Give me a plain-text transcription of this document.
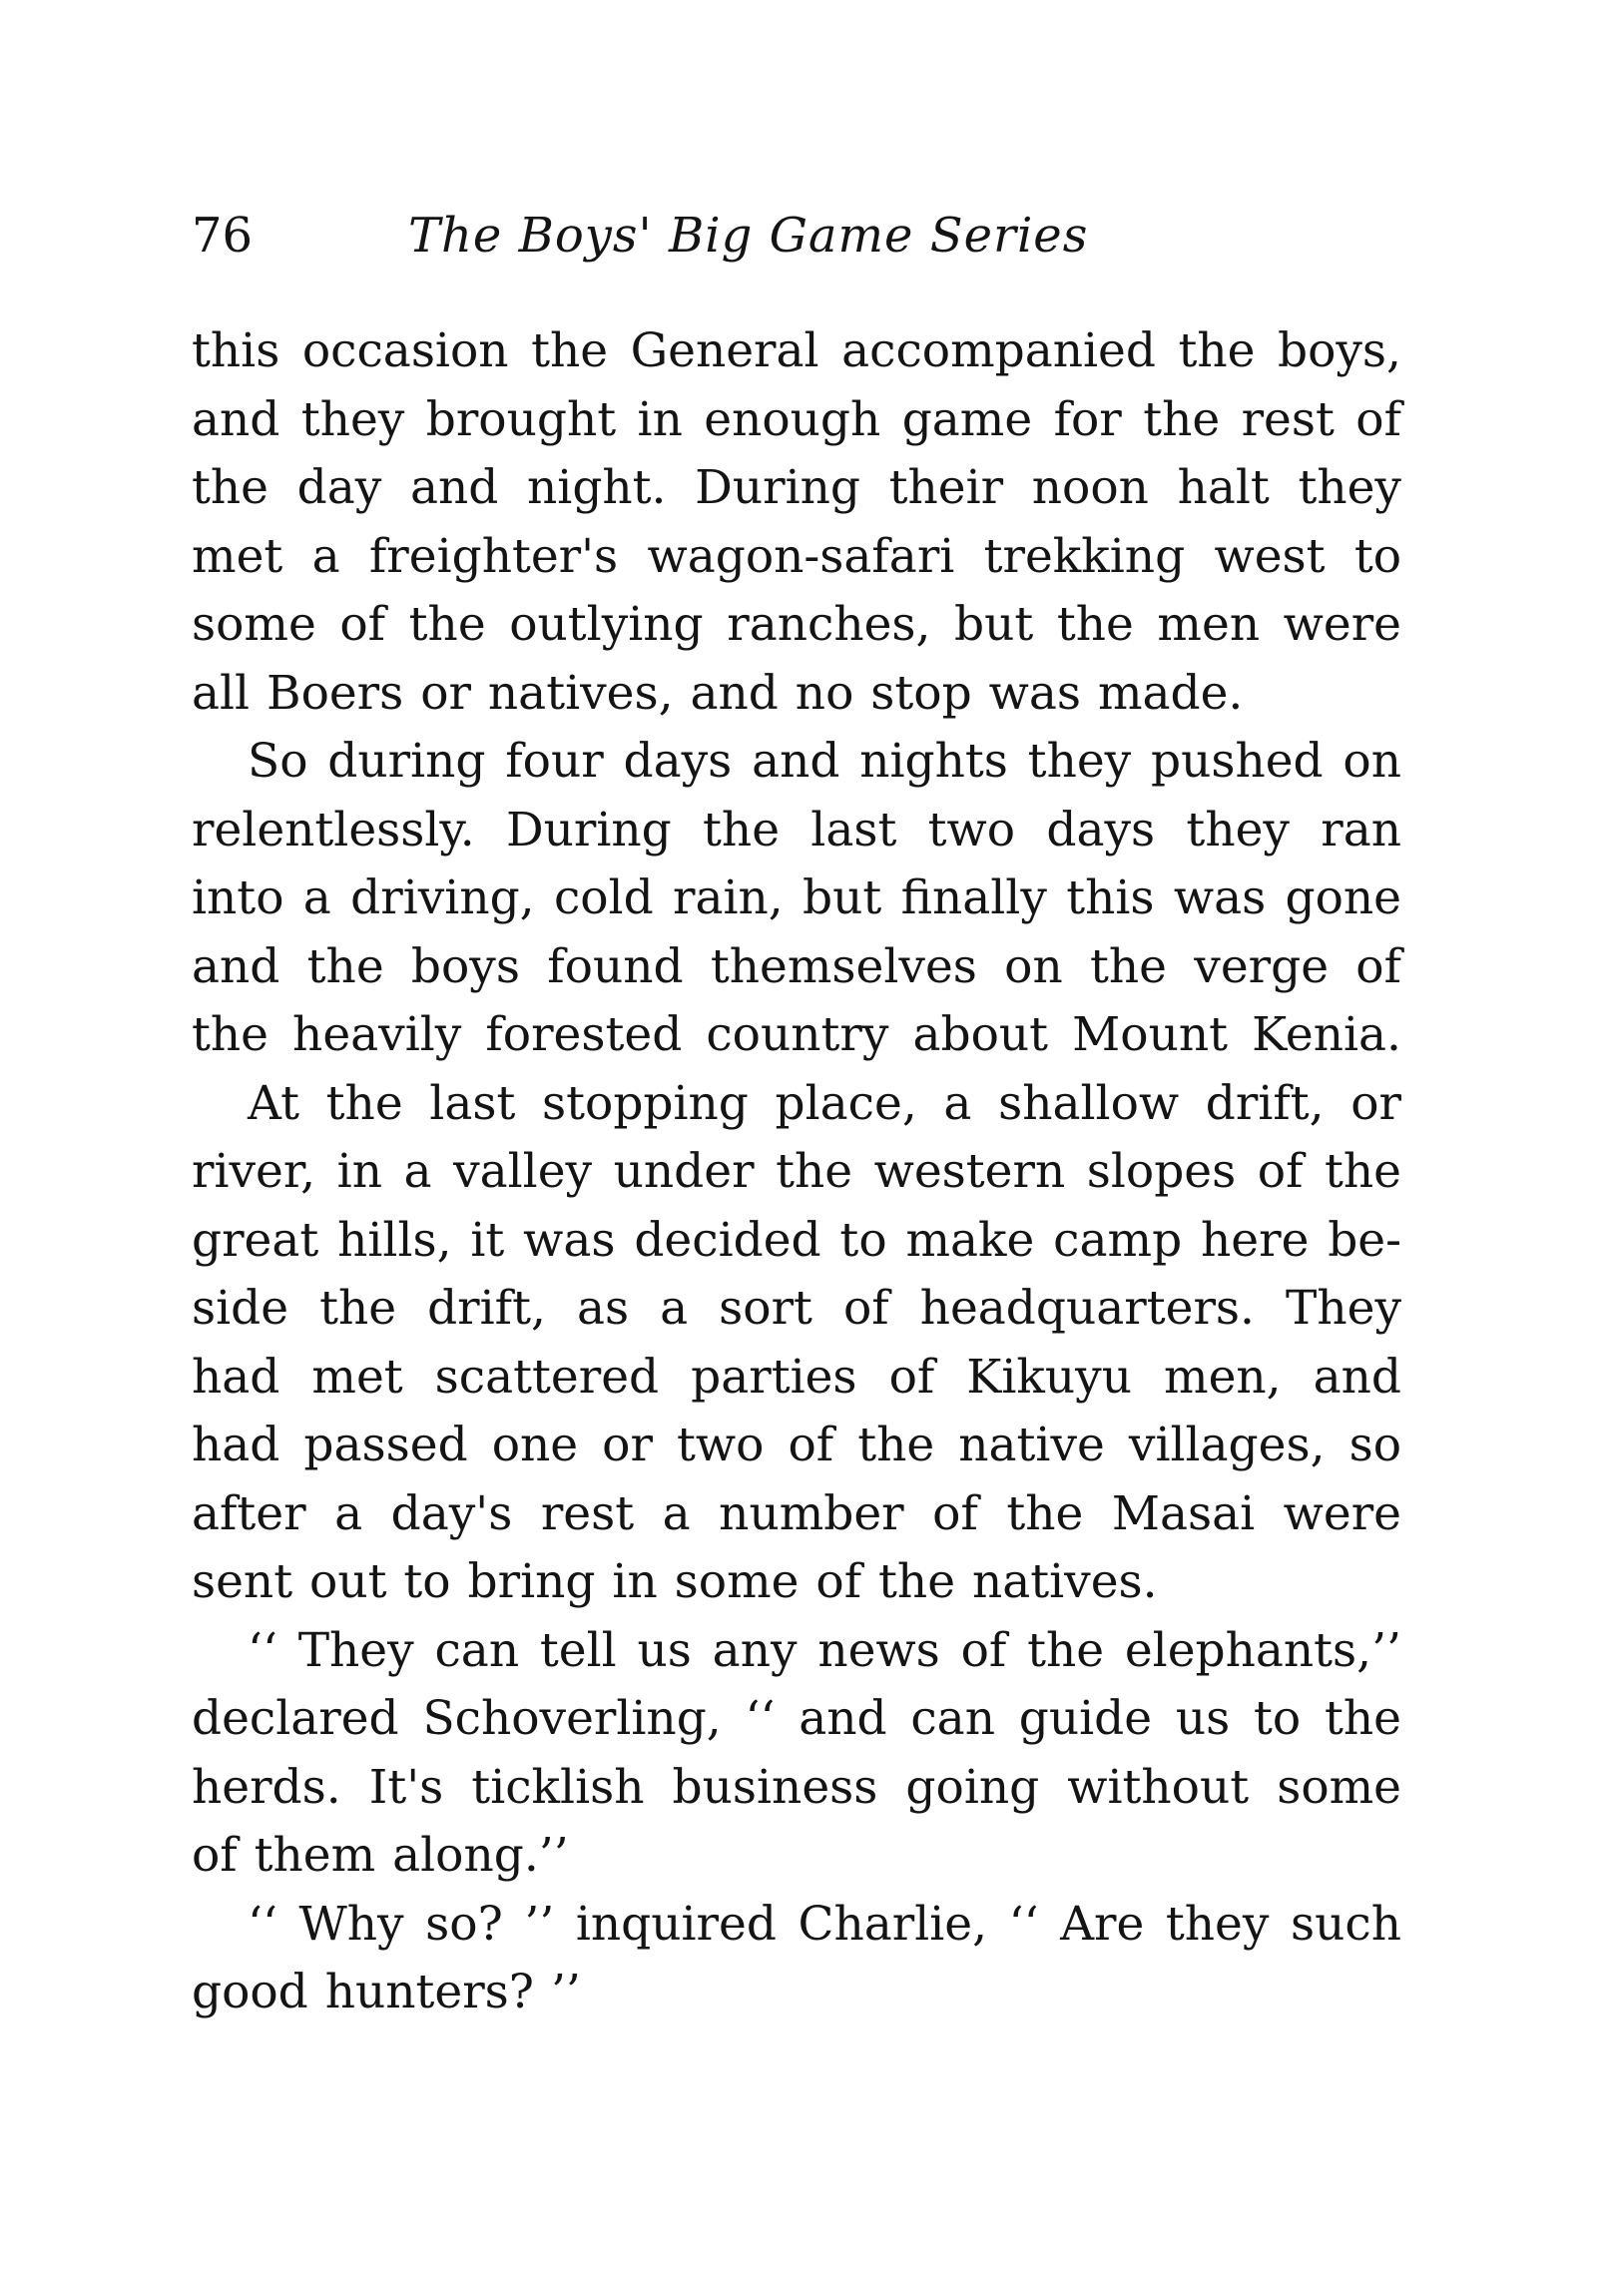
76	The Boys' Big Game Series
this occasion the General accompanied the boys,
and they brought in enough game for the rest of
the day and night. During their noon halt they
met a freighter's wagon-safari trekking west to
some of the outlying ranches, but the men were
all Boers or natives, and no stop was made.
So during four days and nights they pushed on
relentlessly. During the last two days they ran
into a driving, cold rain, but finally this was gone
and the boys found themselves on the verge of
the heavily forested country about Mount Kenia.
At the last stopping place, a shallow drift, or
river, in a valley under the western slopes of the
great hills, it was decided to make camp here be-
side the drift, as a sort of headquarters. They
had met scattered parties of Kikuyu men, and
had passed one or two of the native villages, so
after a day's rest a number of the Masai were
sent out to bring in some of the natives.
‘‘ They can tell us any news of the elephants,’’
declared Schoverling, ‘‘ and can guide us to the
herds. It's ticklish business going without some
of them along.’’
‘‘ Why so? ’’ inquired Charlie, ‘‘ Are they such
good hunters? ’’
